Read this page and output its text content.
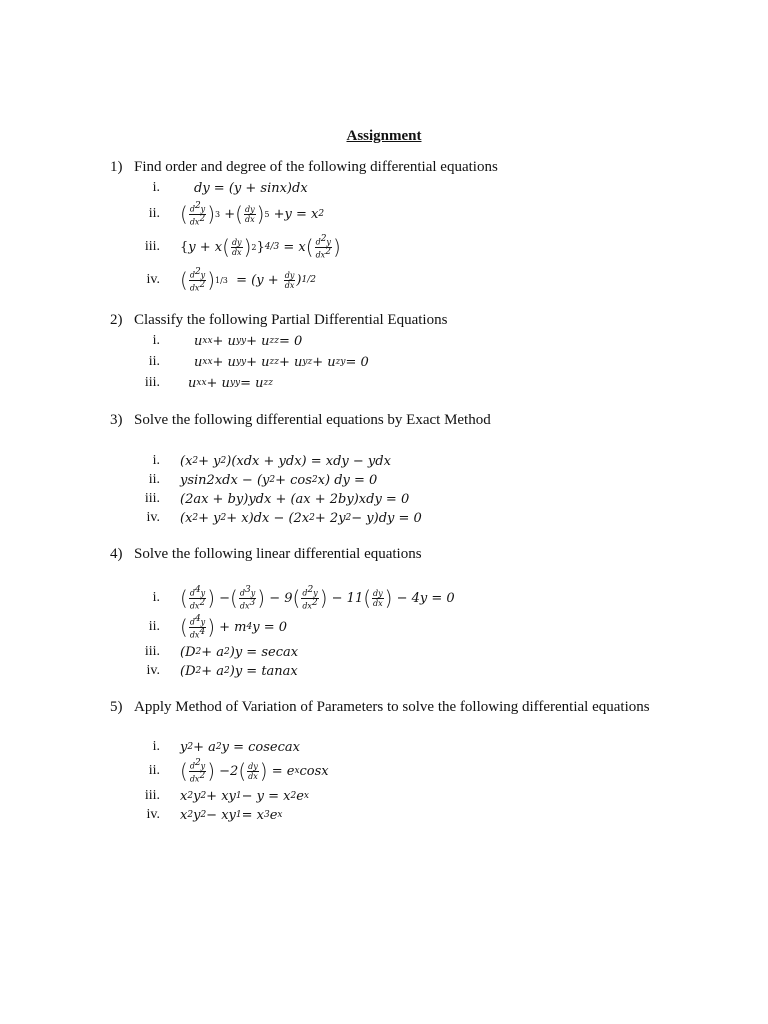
Assignment
1) Find order and degree of the following differential equations
i.	dy = (y + sinx)dx
ii. ( $\frac{d^2y}{dx^2}$ ) 3 + ( $\frac{dy}{dx}$ ) 5 +y = x 2
iii. { y + x ( $\frac{dy}{dx}$ ) 2 } 4/3 = x ( $\frac{d^2y}{dx^2}$ )
iv. ( $\frac{d^2y}{dx^2}$ ) $1/3 = (y + \frac{dy}{dx}$ ) 1/2
2) Classify the following Partial Differential Equations
i.	u xx + u yy + u zz = 0
ii.	u xx + u yy + u zz + u yz + u zy = 0
iii. u xx + u yy = u zz
3) Solve the following differential equations by Exact Method
i. (x 2 + y 2 )(xdx + ydx) = xdy − ydx
ii. ysin2xdx − (y 2 + cos 2 x) dy = 0
iii. (2ax + by)ydx + (ax + 2by)xdy = 0
iv. (x 2 + y 2 + x)dx − (2x 2 + 2y 2 − y)dy = 0
4) Solve the following linear differential equations
i. ( $\frac{d^4y}{dx^2}$ ) − ( $\frac{d^3y}{dx^3}$ ) − 9 ( $\frac{d^2y}{dx^2}$ ) − 11 ( $\frac{dy}{dx}$ ) − 4y = 0
ii. ( $\frac{d^4y}{dx^4}$ ) + m 4 y = 0
iii. (D 2 + a 2 )y = secax
iv. (D 2 + a 2 )y = tanax
5) Apply Method of Variation of Parameters to solve the following differential equations
i. y 2 + a 2 y = cosecax
ii. ( $\frac{d^2y}{dx^2}$ ) −2 ( $\frac{dy}{dx}$ ) = e x cosx
iii. x 2 y 2 + xy 1 − y = x 2 e x
iv. x 2 y 2 − xy 1 = x 3 e x
